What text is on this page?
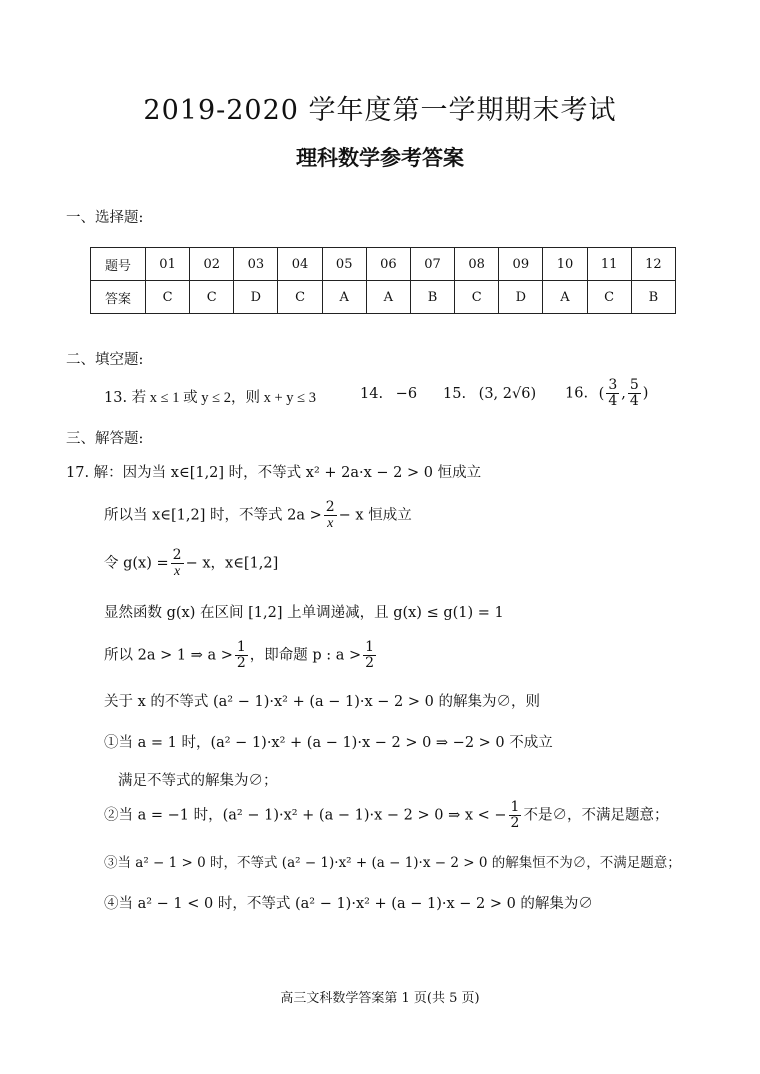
2019-2020 学年度第一学期期末考试
理科数学参考答案
一、选择题:
题号	01	02	03	04	05	06	07	08	09	10	11	12
答案	C	C	D	C	A	A	B	C	D	A	C	B
二、填空题:
13. 若 x ≤ 1 或 y ≤ 2，则 x + y ≤ 3	14. −6 15. (3, 2√6) 16. ( $\frac{3}{4}$ , $\frac{5}{4}$ )
三、解答题:
17. 解：因为当 x∈[1,2] 时，不等式 x² + 2a·x − 2 > 0 恒成立
所以当 x∈[1,2] 时，不等式 $2a > \frac{2}{x} - x$ 恒成立
令 $g(x) = \frac{2}{x} - x$，x∈[1,2]
显然函数 g(x) 在区间 [1,2] 上单调递减，且 g(x) ≤ g(1) = 1
所以 2a > 1 ⇒ $a > \frac{1}{2}$ ，即命题 p : $a > \frac{1}{2}$
关于 x 的不等式 (a² − 1)·x² + (a − 1)·x − 2 > 0 的解集为∅，则
①当 a = 1 时，(a² − 1)·x² + (a − 1)·x − 2 > 0 ⇒ −2 > 0 不成立
满足不等式的解集为∅；
②当 a = −1 时，(a² − 1)·x² + (a − 1)·x − 2 > 0 ⇒ x < − $\frac{1}{2}$ 不是∅，不满足题意；
③当 a² − 1 > 0 时，不等式 (a² − 1)·x² + (a − 1)·x − 2 > 0 的解集恒不为∅，不满足题意；
④当 a² − 1 < 0 时，不等式 (a² − 1)·x² + (a − 1)·x − 2 > 0 的解集为∅
高三文科数学答案第 1 页(共 5 页)
